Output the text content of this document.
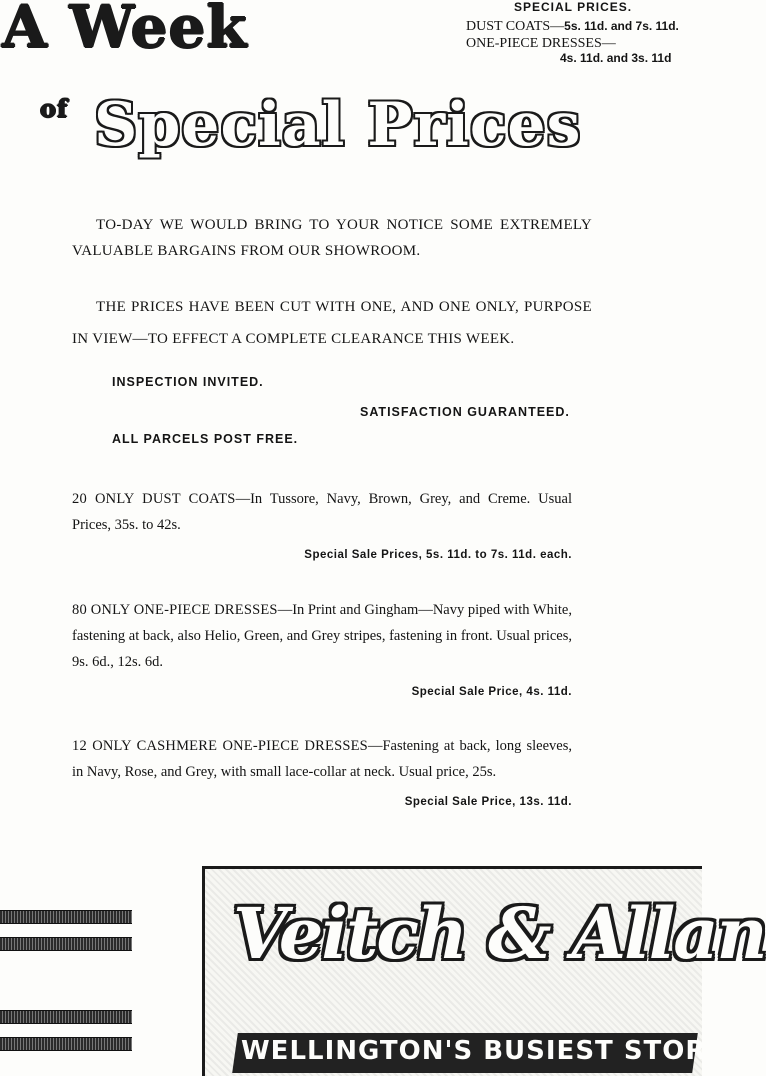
A Week
of Special Prices
SPECIAL PRICES.
DUST COATS—5s. 11d. and 7s. 11d.
ONE-PIECE DRESSES—
4s. 11d. and 3s. 11d
TO-DAY WE WOULD BRING TO YOUR NOTICE SOME EXTREMELY VALUABLE BARGAINS FROM OUR SHOWROOM.
THE PRICES HAVE BEEN CUT WITH ONE, AND ONE ONLY, PURPOSE IN VIEW—TO EFFECT A COMPLETE CLEARANCE THIS WEEK.
INSPECTION INVITED.
SATISFACTION GUARANTEED.
ALL PARCELS POST FREE.

20 ONLY DUST COATS—In Tussore, Navy, Brown, Grey, and Creme. Usual Prices, 35s. to 42s.

Special Sale Prices, 5s. 11d. to 7s. 11d. each.

80 ONLY ONE-PIECE DRESSES—In Print and Gingham—Navy piped with White, fastening at back, also Helio, Green, and Grey stripes, fastening in front. Usual prices, 9s. 6d., 12s. 6d.

Special Sale Price, 4s. 11d.

12 ONLY CASHMERE ONE-PIECE DRESSES—Fastening at back, long sleeves, in Navy, Rose, and Grey, with small lace-collar at neck. Usual price, 25s.

Special Sale Price, 13s. 11d.

Veitch & Allan
WELLINGTON'S BUSIEST STORE
